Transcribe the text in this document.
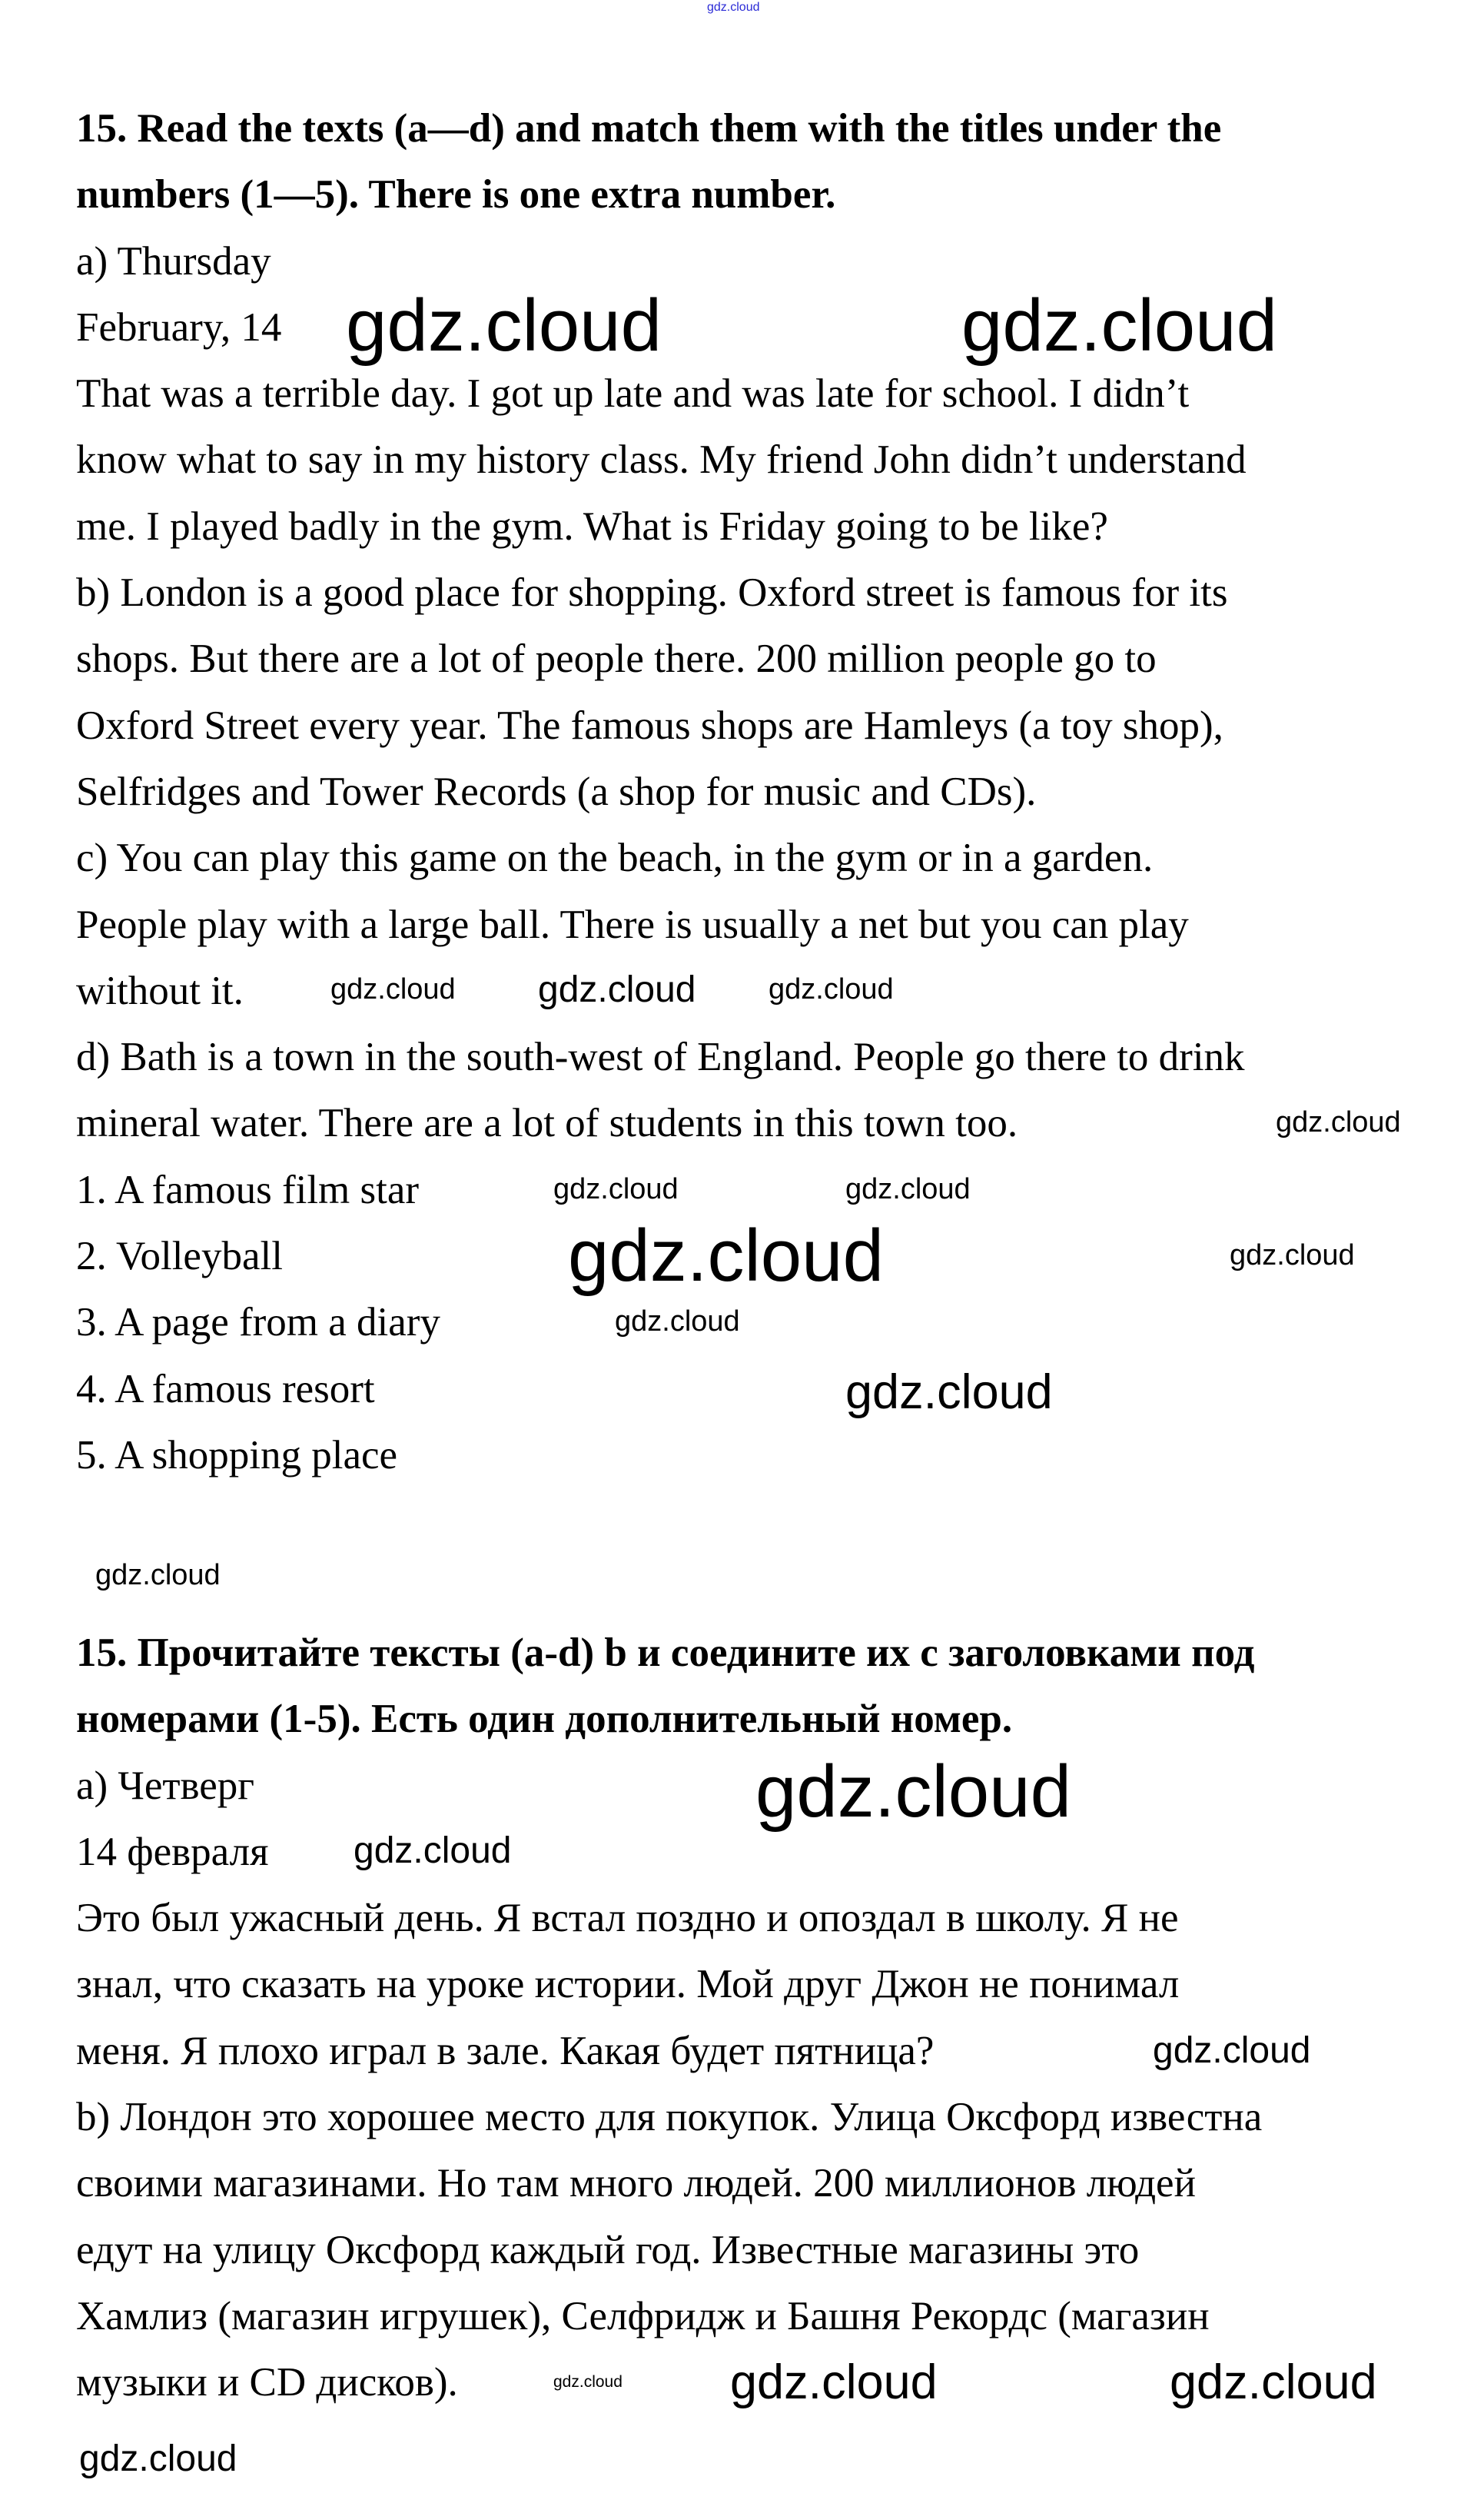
gdz.cloud
15. Read the texts (a—d) and match them with the titles under the
numbers (1—5). There is one extra number.
a) Thursday
February, 14
That was a terrible day. I got up late and was late for school. I didn’t
know what to say in my history class. My friend John didn’t understand
me. I played badly in the gym. What is Friday going to be like?
b) London is a good place for shopping. Oxford street is famous for its
shops. But there are a lot of people there. 200 million people go to
Oxford Street every year. The famous shops are Hamleys (a toy shop),
Selfridges and Tower Records (a shop for music and CDs).
c) You can play this game on the beach, in the gym or in a garden.
People play with a large ball. There is usually a net but you can play
without it.
d) Bath is a town in the south-west of England. People go there to drink
mineral water. There are a lot of students in this town too.
1. A famous film star
2. Volleyball
3. A page from a diary
4. A famous resort
5. A shopping place
15. Прочитайте тексты (a-d) b и соедините их с заголовками под
номерами (1-5). Есть один дополнительный номер.
a) Четверг
14 февраля
Это был ужасный день. Я встал поздно и опоздал в школу. Я не
знал, что сказать на уроке истории. Мой друг Джон не понимал
меня. Я плохо играл в зале. Какая будет пятница?
b) Лондон это хорошее место для покупок. Улица Оксфорд известна
своими магазинами. Но там много людей. 200 миллионов людей
едут на улицу Оксфорд каждый год. Известные магазины это
Хамлиз (магазин игрушек), Селфридж и Башня Рекордс (магазин
музыки и CD дисков).
gdz.cloud	gdz.cloud
gdz.cloud
gdz.cloud
gdz.cloud gdz.cloud
gdz.cloud
gdz.cloud	gdz.cloud
gdz.cloud	gdz.cloud
gdz.cloud
gdz.cloud
gdz.cloud
gdz.cloud
gdz.cloud
gdz.cloud
gdz.cloud
gdz.cloud	gdz.cloud
